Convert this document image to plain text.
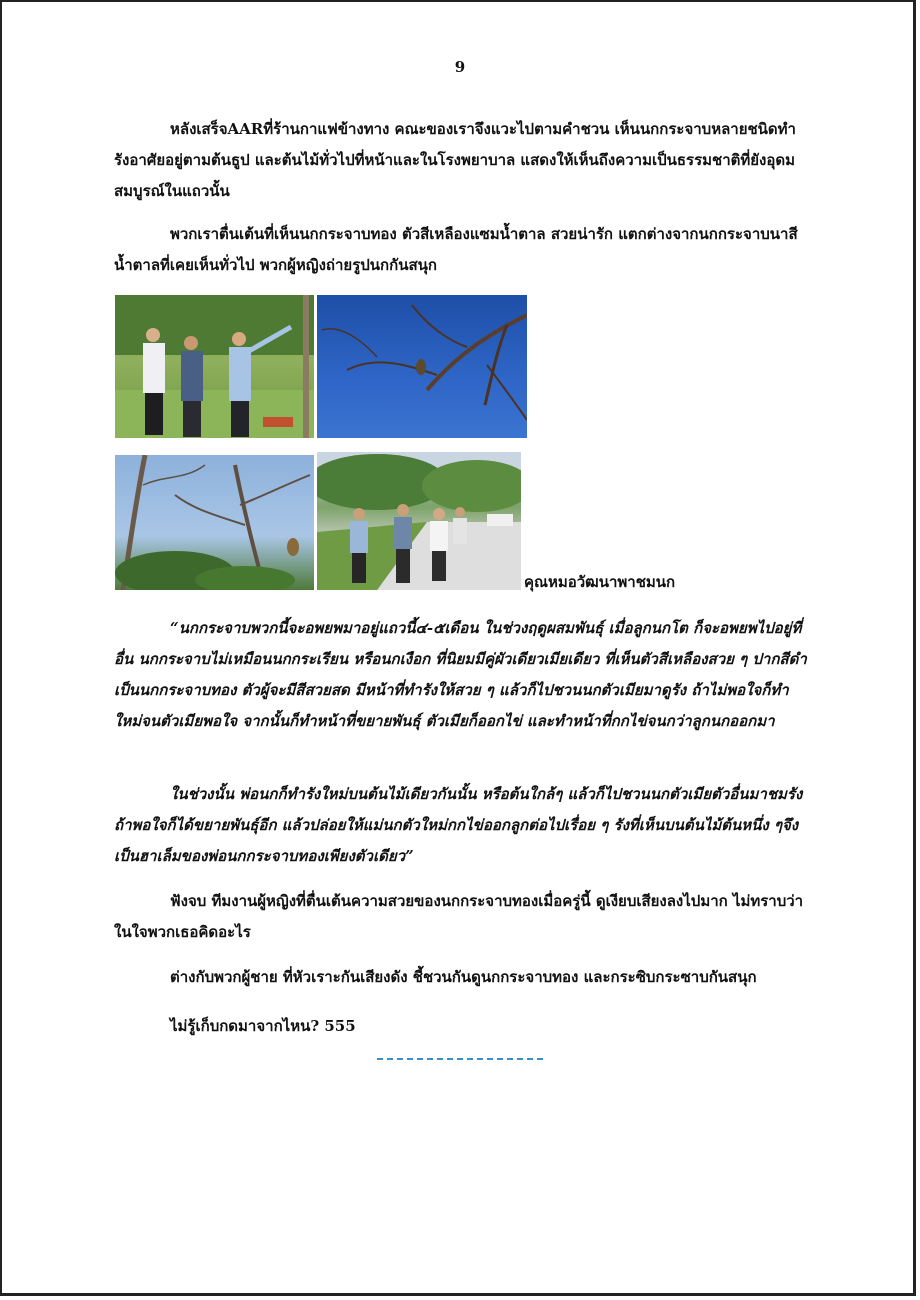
9

หลังเสร็จAARที่ร้านกาแฟข้างทาง คณะของเราจึงแวะไปตามคำชวน เห็นนกกระจาบหลายชนิดทำรังอาศัยอยู่ตามต้นธูป และต้นไม้ทั่วไปที่หน้าและในโรงพยาบาล แสดงให้เห็นถึงความเป็นธรรมชาติที่ยังอุดมสมบูรณ์ในแถวนั้น

พวกเราตื่นเต้นที่เห็นนกกระจาบทอง ตัวสีเหลืองแซมน้ำตาล สวยน่ารัก แตกต่างจากนกกระจาบนาสีน้ำตาลที่เคยเห็นทั่วไป พวกผู้หญิงถ่ายรูปนกกันสนุก

คุณหมอวัฒนาพาชมนก

“นกกระจาบพวกนี้จะอพยพมาอยู่แถวนี้๔-๕เดือน ในช่วงฤดูผสมพันธุ์ เมื่อลูกนกโต ก็จะอพยพไปอยู่ที่อื่น นกกระจาบไม่เหมือนนกกระเรียน หรือนกเงือก ที่นิยมมีคู่ผัวเดียวเมียเดียว ที่เห็นตัวสีเหลืองสวย ๆ ปากสีดำ เป็นนกกระจาบทอง ตัวผู้จะมีสีสวยสด มีหน้าที่ทำรังให้สวย ๆ แล้วก็ไปชวนนกตัวเมียมาดูรัง ถ้าไม่พอใจก็ทำใหม่จนตัวเมียพอใจ จากนั้นก็ทำหน้าที่ขยายพันธุ์ ตัวเมียก็ออกไข่ และทำหน้าที่กกไข่จนกว่าลูกนกออกมา

ในช่วงนั้น พ่อนกก็ทำรังใหม่บนต้นไม้เดียวกันนั้น หรือต้นใกล้ๆ แล้วก็ไปชวนนกตัวเมียตัวอื่นมาชมรัง ถ้าพอใจก็ได้ขยายพันธุ์อีก แล้วปล่อยให้แม่นกตัวใหม่กกไข่ออกลูกต่อไปเรื่อย ๆ รังที่เห็นบนต้นไม้ต้นหนึ่ง ๆจึงเป็นฮาเล็มของพ่อนกกระจาบทองเพียงตัวเดียว”

ฟังจบ ทีมงานผู้หญิงที่ตื่นเต้นความสวยของนกกระจาบทองเมื่อครู่นี้ ดูเงียบเสียงลงไปมาก ไม่ทราบว่าในใจพวกเธอคิดอะไร

ต่างกับพวกผู้ชาย ที่หัวเราะกันเสียงดัง ชี้ชวนกันดูนกกระจาบทอง และกระซิบกระซาบกันสนุก

ไม่รู้เก็บกดมาจากไหน? 555
